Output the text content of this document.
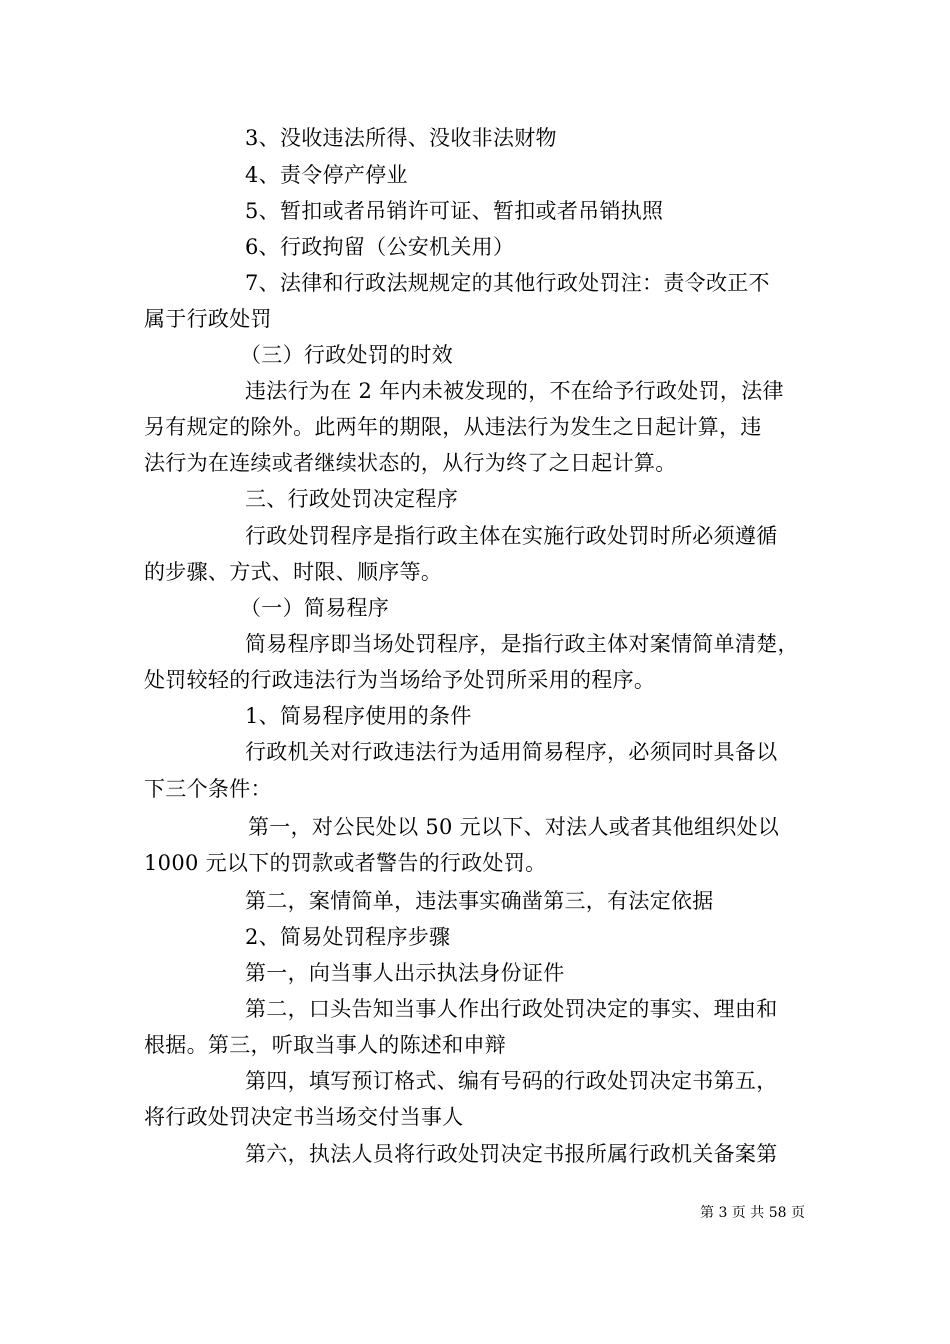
3、没收违法所得、没收非法财物
4、责令停产停业
5、暂扣或者吊销许可证、暂扣或者吊销执照
6、行政拘留（公安机关用）
7、法律和行政法规规定的其他行政处罚注：责令改正不
属于行政处罚
（三）行政处罚的时效
违法行为在 2 年内未被发现的，不在给予行政处罚，法律
另有规定的除外。此两年的期限，从违法行为发生之日起计算，违
法行为在连续或者继续状态的，从行为终了之日起计算。
三、行政处罚决定程序
行政处罚程序是指行政主体在实施行政处罚时所必须遵循
的步骤、方式、时限、顺序等。
（一）简易程序
简易程序即当场处罚程序，是指行政主体对案情简单清楚，
处罚较轻的行政违法行为当场给予处罚所采用的程序。
1、简易程序使用的条件
行政机关对行政违法行为适用简易程序，必须同时具备以
下三个条件：
第一，对公民处以 50 元以下、对法人或者其他组织处以
1000 元以下的罚款或者警告的行政处罚。
第二，案情简单，违法事实确凿第三，有法定依据
2、简易处罚程序步骤
第一，向当事人出示执法身份证件
第二，口头告知当事人作出行政处罚决定的事实、理由和
根据。第三，听取当事人的陈述和申辩
第四，填写预订格式、编有号码的行政处罚决定书第五，
将行政处罚决定书当场交付当事人
第六，执法人员将行政处罚决定书报所属行政机关备案第
第 3 页 共 58 页
